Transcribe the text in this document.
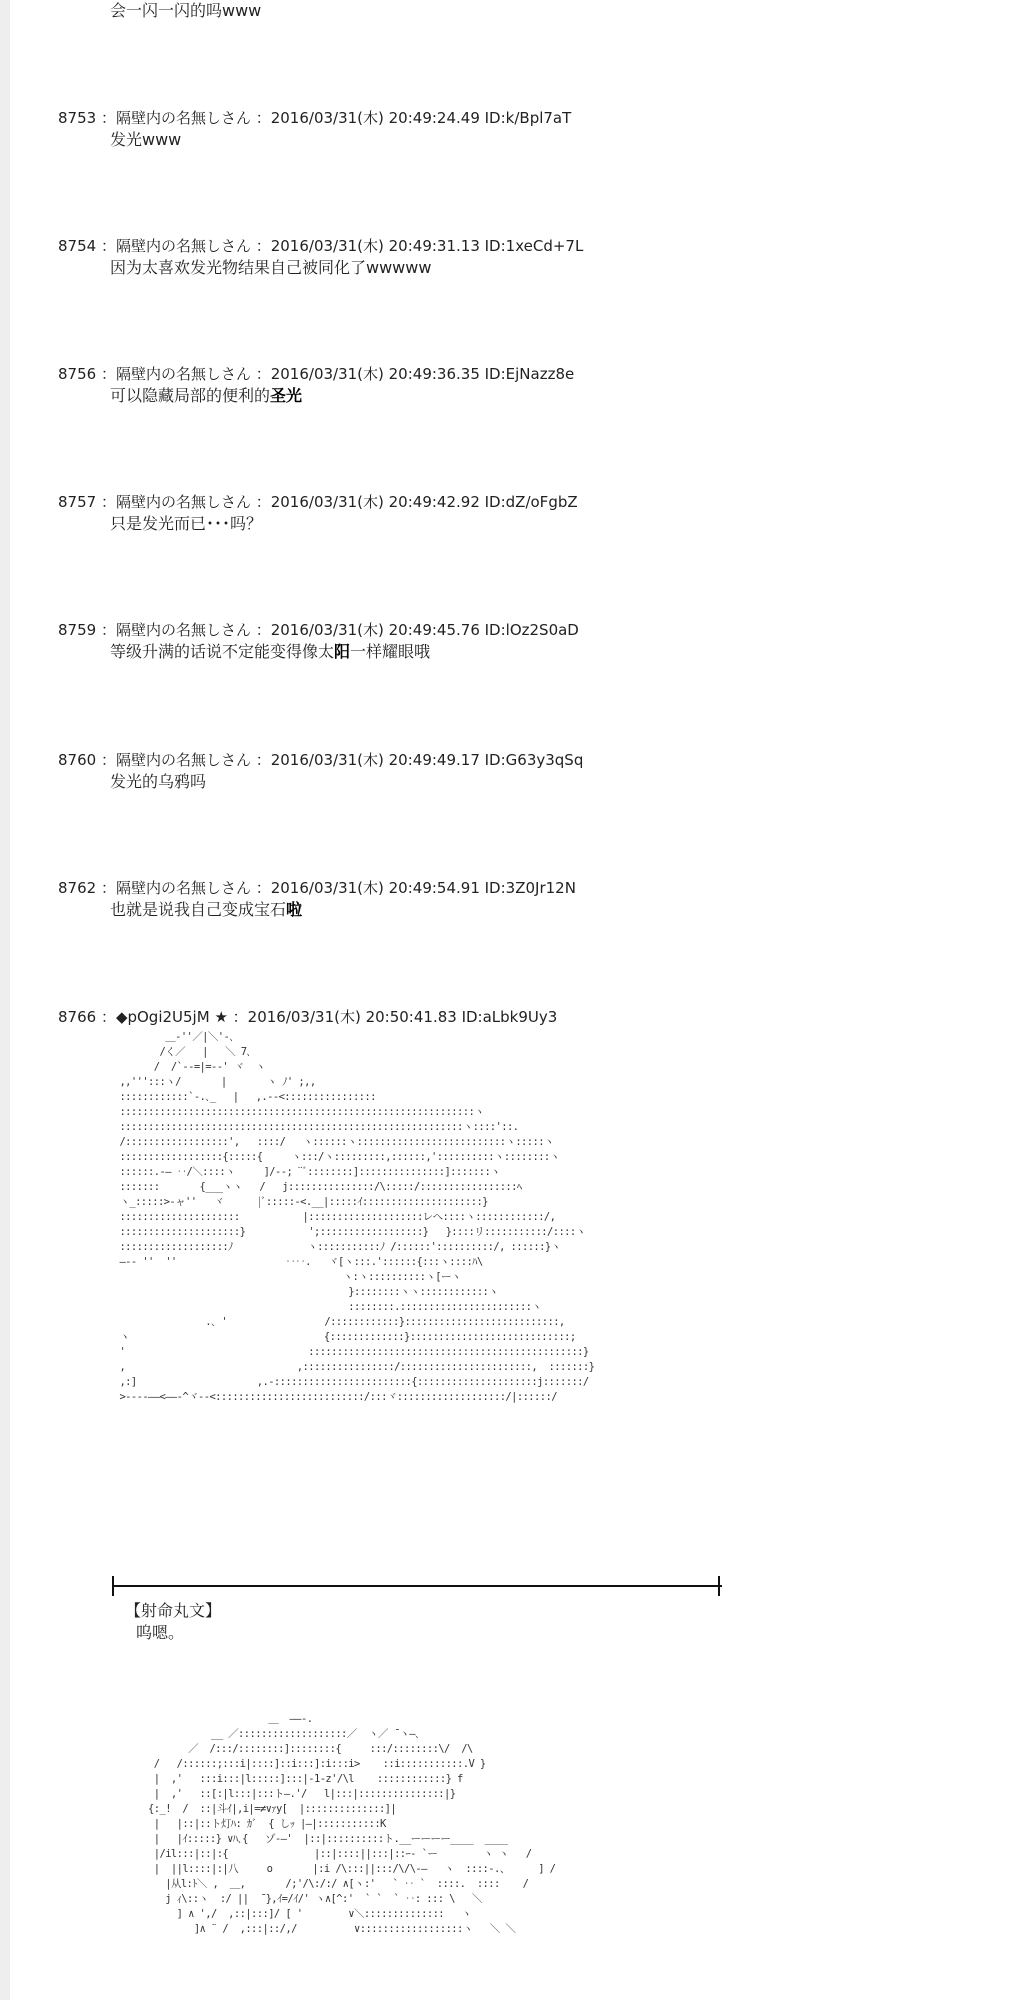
会一闪一闪的吗www
8753 ：隔壁内の名無しさん ：2016/03/31(木) 20:49:24.49 ID:k/Bpl7aT
发光www
8754 ：隔壁内の名無しさん ：2016/03/31(木) 20:49:31.13 ID:1xeCd+7L
因为太喜欢发光物结果自己被同化了wwwww
8756 ：隔壁内の名無しさん ：2016/03/31(木) 20:49:36.35 ID:EjNazz8e
可以隐藏局部的便利的圣光
8757 ：隔壁内の名無しさん ：2016/03/31(木) 20:49:42.92 ID:dZ/oFgbZ
只是发光而已･･･吗？
8759 ：隔壁内の名無しさん ：2016/03/31(木) 20:49:45.76 ID:lOz2S0aD
等级升满的话说不定能变得像太阳一样耀眼哦
8760 ：隔壁内の名無しさん ：2016/03/31(木) 20:49:49.17 ID:G63y3qSq
发光的乌鸦吗
8762 ：隔壁内の名無しさん ：2016/03/31(木) 20:49:54.91 ID:3Z0Jr12N
也就是说我自己变成宝石啦
8766 ：◆pOgi2U5jM ★ ：2016/03/31(木) 20:50:41.83 ID:aLbk9Uy3
＿-''／|＼'-､
/く／   |   ＼ 7､
/  /`--=|=--' ヾ  ヽ
,,''':::ヽ/       |       ヽ ﾉ' ;,,
::::::::::::`-.､_   |   ,.--<::::::::::::::::
::::::::::::::::::::::::::::::::::::::::::::::::::::::::::::::ヽ
::::::::::::::::::::::::::::::::::::::::::::::::::::::::::::ヽ::::'::.
/::::::::::::::::::',   ::::/   ヽ::::::ヽ::::::::::::::::::::::::::ヽ:::::ヽ
::::::::::::::::::{:::::{     ヽ:::/ヽ:::::::::,::::::,'::::::::::ヽ::::::::ヽ
::::::.-― ‥/＼::::ヽ     ]/--; ¨ﾞ::::::::]:::::::::::::::]:::::::ヽ
:::::::       {___ヽヽ   /   j:::::::::::::::/\:::::/:::::::::::::::::ﾍ
ヽ_:::::>-ャ''   ヾ      |ﾞ:::::-<.__|:::::ｲ:::::::::::::::::::::}
:::::::::::::::::::::           |::::::::::::::::::::レへ::::ヽ::::::::::::/,
:::::::::::::::::::::}           ';::::::::::::::::::}   }::::リ:::::::::::/::::ヽ
:::::::::::::::::::ﾉ             ヽ:::::::::::ﾉ /::::::'::::::::::/, ::::::}ヽ
―-- ''  ''                   ‥‥.   ヾ[ヽ:::.'::::::{:::ヽ::::ﾊ\
ヽ:ヽ::::::::::ヽ[ーヽ
}::::::::ヽヽ::::::::::::ヽ
::::::::.:::::::::::::::::::::::ヽ
.､ '                 /::::::::::::}:::::::::::::::::::::::::::,
ヽ                                  {:::::::::::::}::::::::::::::::::::::::::::;
'                                ::::::::::::::::::::::::::::::::::::::::::::::::}
,                              ,::::::::::::::::/:::::::::::::::::::::::,  :::::::}
,:]                     ,.-::::::::::::::::::::::::{:::::::::::::::::::::j:::::::/
>----――<――-^ヾ--<::::::::::::::::::::::::::/:::ヾ:::::::::::::::::::/|::::::/
【射命丸文】
呜嗯。
＿  ――-.
__ ／:::::::::::::::::::／  ヽ／ ̄ ヽ―､
／  /:::/::::::::]::::::::{     :::/::::::::\/  /\
/   /::::::;:::i|::::]::i:::]:i:::i>    ::i:::::::::::.V }
|  ,'   :::i:::|l:::::]:::|-1-z'/\l    ::::::::::::} f
|  ,'   ::[:|l:::|:::ト―.'/   l|:::|:::::::::::::::|}
{:_!  /  ::|斗ｲ|,i|=≠∨ｧy[  |::::::::::::::]|
|   |::|::ト灯ﾊ: ｶﾞ  { しｯ |―|:::::::::::K
|   |ｲ:::::} ∨ﾊ､{   ゾ-―'  |::|::::::::::ト.__ーーーー____  ____
|/il:::|::|:{               |::|::::||:::|::ｰ- `ー        ヽ ヽ   /
|  ||l::::|:|八     o       |:i /\:::||:::/\/\-―   ヽ  ::::-.、     ] /
|从l:ﾄ＼ ,  ＿,       /;'/\:/:/ ∧[ヽ:'   ` ‥ `  ::::.  ::::    /
j ｨ\::ヽ  :/ ||  ̄ },ｲ=/ｲ/' ヽ∧[^:'  ` `  ` ‥: ::: \   ＼
] ∧ ',/  ,::|:::]/ [ '        ∨＼::::::::::::::   ヽ
]∧ ¨ /  ,:::|::/,/          ∨::::::::::::::::::ヽ   ＼ ＼
